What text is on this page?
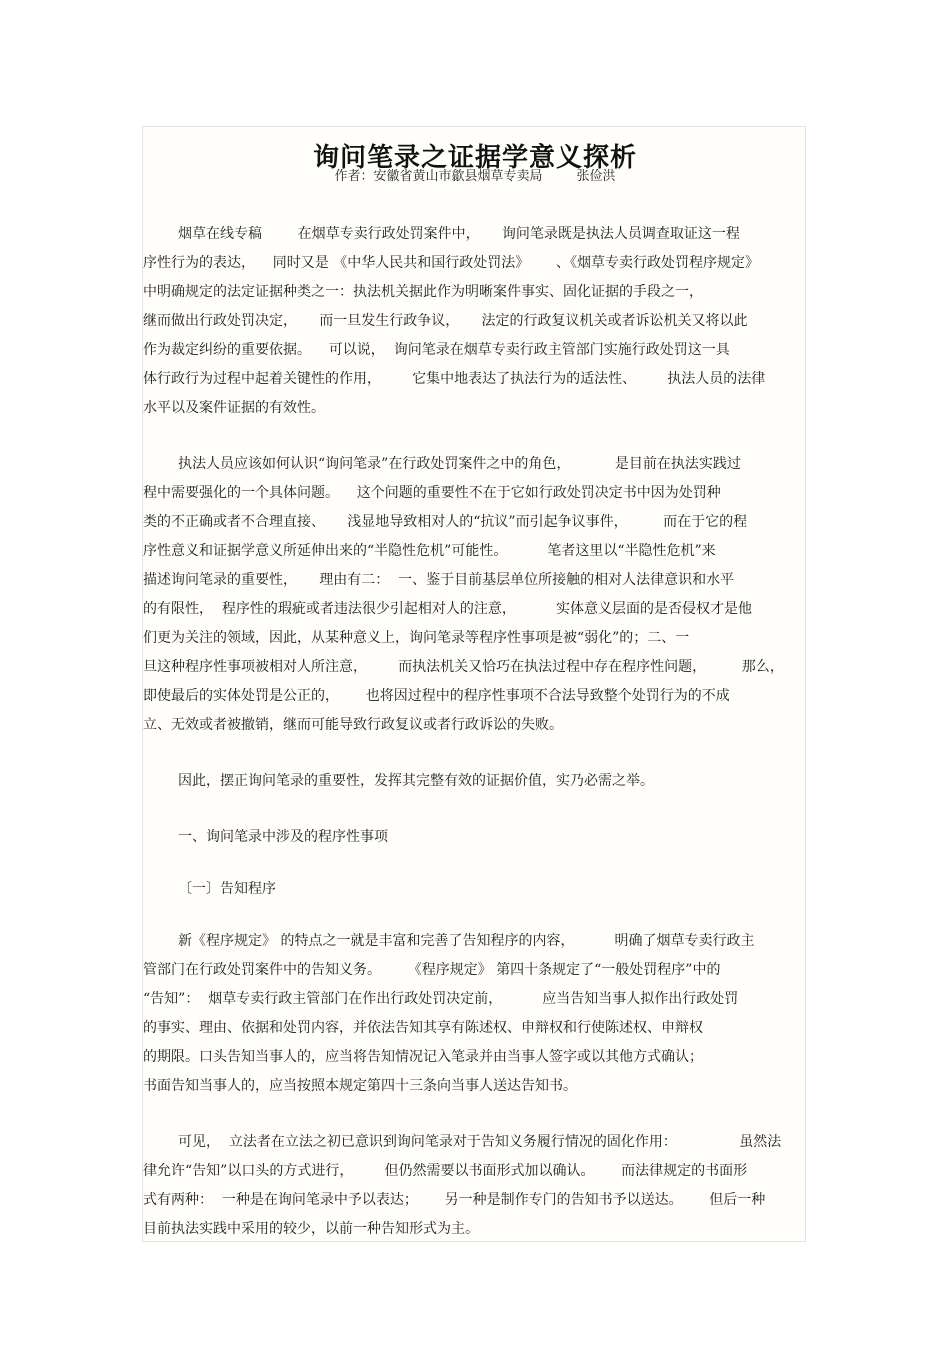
询问笔录之证据学意义探析
作者：安徽省黄山市歙县烟草专卖局	张俭洪
烟草在线专稿        在烟草专卖行政处罚案件中，     询问笔录既是执法人员调查取证这一程
序性行为的表达，    同时又是 《中华人民共和国行政处罚法》      、《烟草专卖行政处罚程序规定》
中明确规定的法定证据种类之一：执法机关据此作为明晰案件事实、固化证据的手段之一，
继而做出行政处罚决定，     而一旦发生行政争议，     法定的行政复议机关或者诉讼机关又将以此
作为裁定纠纷的重要依据。    可以说，  询问笔录在烟草专卖行政主管部门实施行政处罚这一具
体行政行为过程中起着关键性的作用，       它集中地表达了执法行为的适法性、       执法人员的法律
水平以及案件证据的有效性。
执法人员应该如何认识“询问笔录”在行政处罚案件之中的角色，          是目前在执法实践过
程中需要强化的一个具体问题。    这个问题的重要性不在于它如行政处罚决定书中因为处罚种
类的不正确或者不合理直接、     浅显地导致相对人的“抗议”而引起争议事件，        而在于它的程
序性意义和证据学意义所延伸出来的“半隐性危机”可能性。         笔者这里以“半隐性危机”来
描述询问笔录的重要性，     理由有二：  一、鉴于目前基层单位所接触的相对人法律意识和水平
的有限性，  程序性的瑕疵或者违法很少引起相对人的注意，         实体意义层面的是否侵权才是他
们更为关注的领域，因此，从某种意义上，询问笔录等程序性事项是被“弱化”的；二、一
旦这种程序性事项被相对人所注意，       而执法机关又恰巧在执法过程中存在程序性问题，        那么，
即使最后的实体处罚是公正的，      也将因过程中的程序性事项不合法导致整个处罚行为的不成
立、无效或者被撤销，继而可能导致行政复议或者行政诉讼的失败。
因此，摆正询问笔录的重要性，发挥其完整有效的证据价值，实乃必需之举。
一、询问笔录中涉及的程序性事项
〔一〕告知程序
新《程序规定》 的特点之一就是丰富和完善了告知程序的内容，         明确了烟草专卖行政主
管部门在行政处罚案件中的告知义务。      《程序规定》 第四十条规定了“一般处罚程序”中的
“告知”：  烟草专卖行政主管部门在作出行政处罚决定前，         应当告知当事人拟作出行政处罚
的事实、理由、依据和处罚内容，并依法告知其享有陈述权、申辩权和行使陈述权、申辩权
的期限。口头告知当事人的，应当将告知情况记入笔录并由当事人签字或以其他方式确认；
书面告知当事人的，应当按照本规定第四十三条向当事人送达告知书。
可见，  立法者在立法之初已意识到询问笔录对于告知义务履行情况的固化作用：              虽然法
律允许“告知”以口头的方式进行，       但仍然需要以书面形式加以确认。      而法律规定的书面形
式有两种：  一种是在询问笔录中予以表达；      另一种是制作专门的告知书予以送达。      但后一种
目前执法实践中采用的较少，以前一种告知形式为主。
